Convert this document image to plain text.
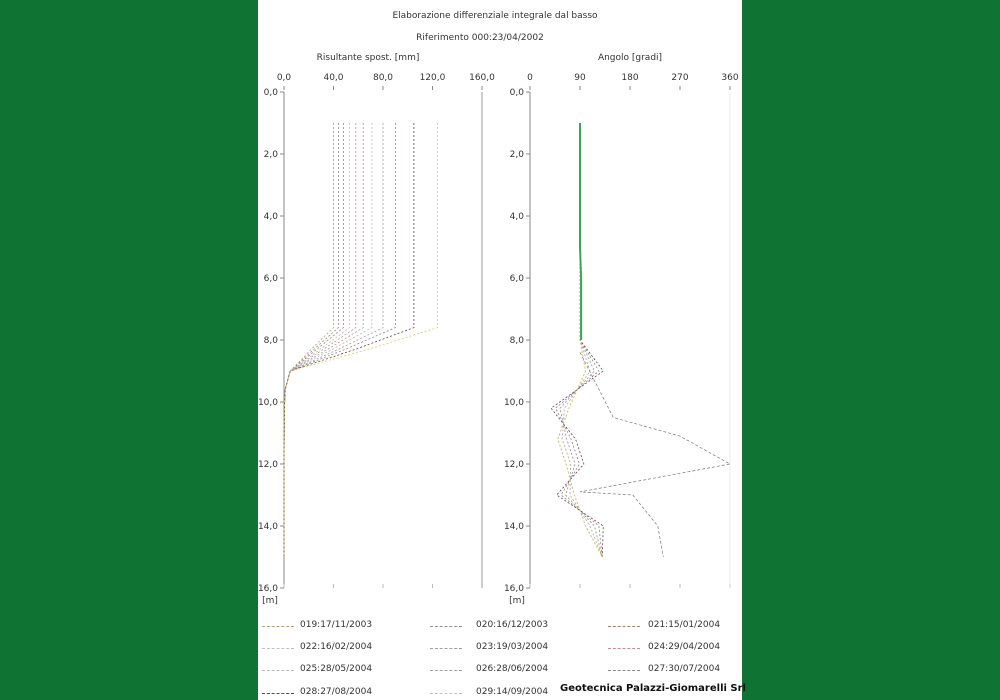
Elaborazione differenziale integrale dal basso
Riferimento 000:23/04/2002
Risultante spost. [mm]	Angolo [gradi]
[m]	[m]
0,0	40,0	80,0	120,0	160,0
0,0
2,0
4,0
6,0
8,0
10,0
12,0
14,0
16,0
0	90	180	270	360
0,0
2,0
4,0
6,0
8,0
10,0
12,0
14,0
16,0
019:17/11/2003	020:16/12/2003	021:15/01/2004
022:16/02/2004	023:19/03/2004	024:29/04/2004
025:28/05/2004	026:28/06/2004	027:30/07/2004
028:27/08/2004	029:14/09/2004 Geotecnica Palazzi-Giomarelli Srl
